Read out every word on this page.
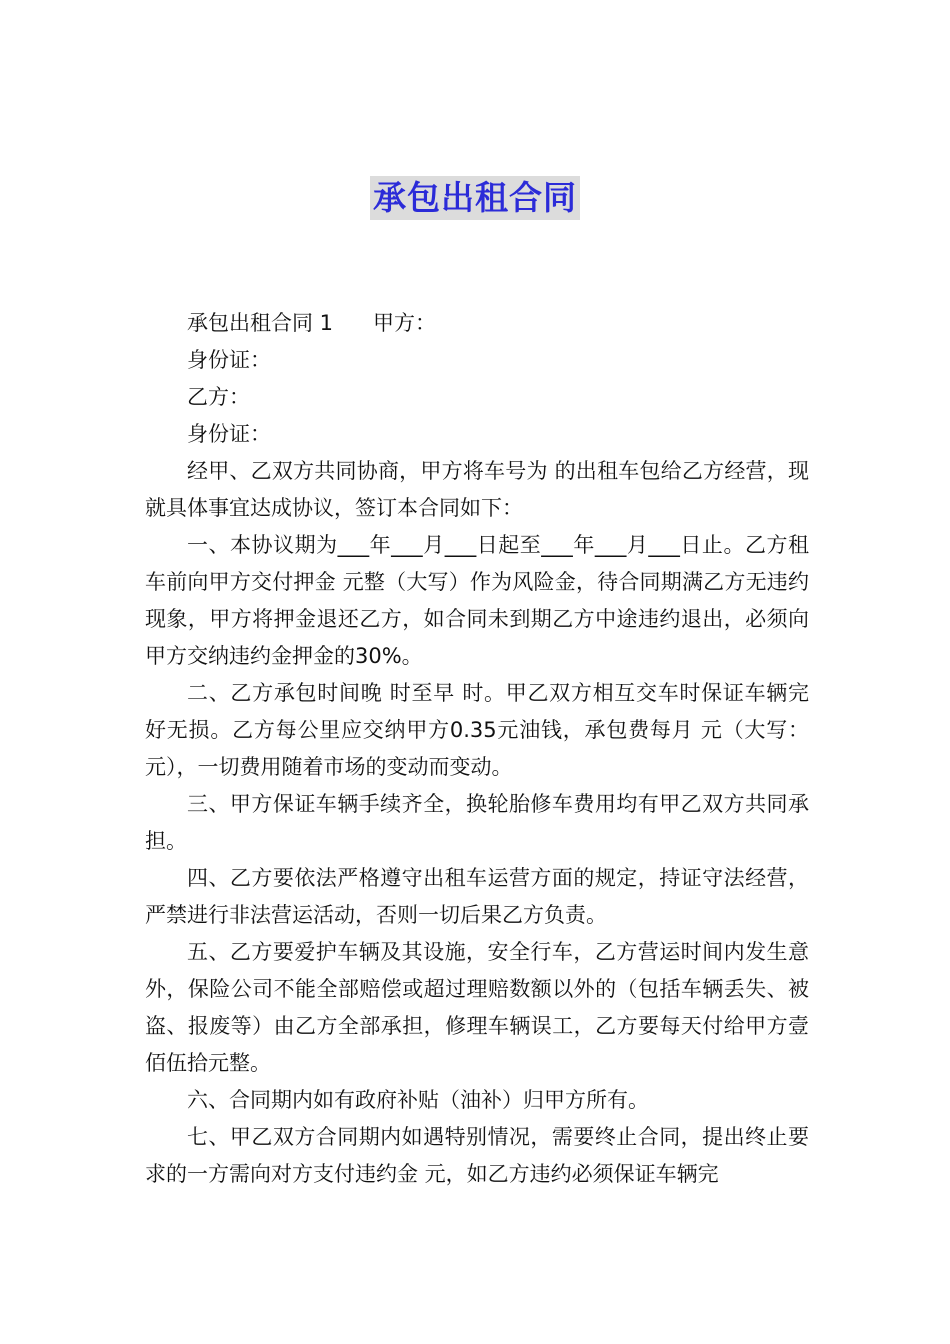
承包出租合同

承包出租合同 1 甲方：

身份证：

乙方：

身份证：

经甲、乙双方共同协商，甲方将车号为 的出租车包给乙方经营，现就具体事宜达成协议，签订本合同如下：

一、本协议期为___年___月___日起至___年___月___日止。乙方租车前向甲方交付押金 元整（大写）作为风险金，待合同期满乙方无违约现象，甲方将押金退还乙方，如合同未到期乙方中途违约退出，必须向甲方交纳违约金押金的30%。

二、乙方承包时间晚 时至早 时。甲乙双方相互交车时保证车辆完好无损。乙方每公里应交纳甲方0.35元油钱，承包费每月 元（大写： 元），一切费用随着市场的变动而变动。

三、甲方保证车辆手续齐全，换轮胎修车费用均有甲乙双方共同承担。

四、乙方要依法严格遵守出租车运营方面的规定，持证守法经营，严禁进行非法营运活动，否则一切后果乙方负责。

五、乙方要爱护车辆及其设施，安全行车，乙方营运时间内发生意外，保险公司不能全部赔偿或超过理赔数额以外的（包括车辆丢失、被盗、报废等）由乙方全部承担，修理车辆误工，乙方要每天付给甲方壹佰伍拾元整。

六、合同期内如有政府补贴（油补）归甲方所有。

七、甲乙双方合同期内如遇特别情况，需要终止合同，提出终止要求的一方需向对方支付违约金 元，如乙方违约必须保证车辆完
